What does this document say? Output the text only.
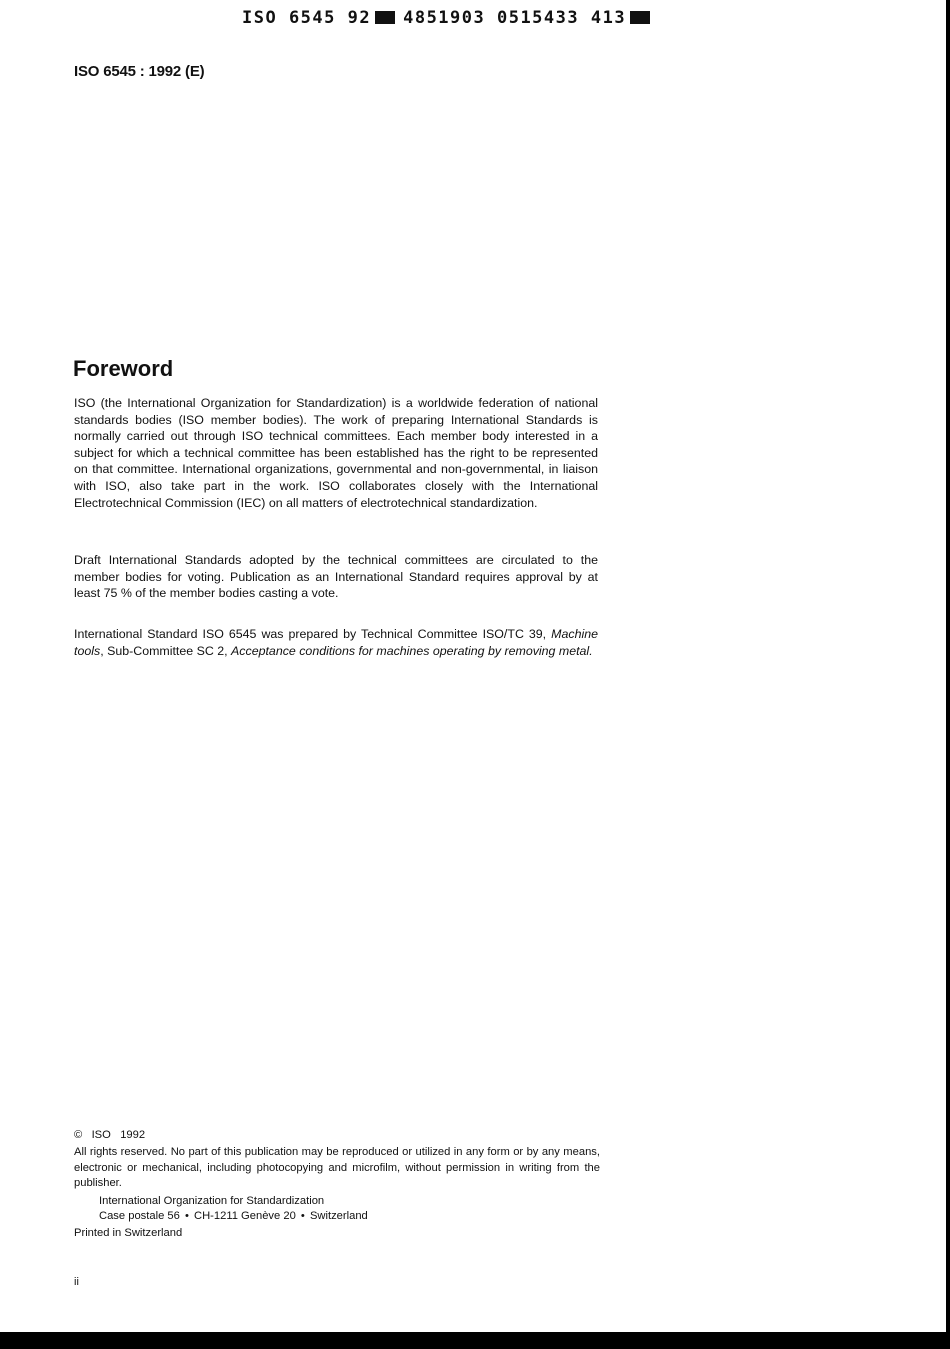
ISO 6545 92 4851903 0515433 413
ISO 6545 : 1992 (E)
Foreword

ISO (the International Organization for Standardization) is a worldwide federation of national standards bodies (ISO member bodies). The work of preparing International Standards is normally carried out through ISO technical committees. Each member body interested in a subject for which a technical committee has been established has the right to be represented on that committee. International organizations, governmental and non-governmental, in liaison with ISO, also take part in the work. ISO collaborates closely with the International Electrotechnical Commission (IEC) on all matters of electrotechnical standardization.

Draft International Standards adopted by the technical committees are circulated to the member bodies for voting. Publication as an International Standard requires approval by at least 75 % of the member bodies casting a vote.

International Standard ISO 6545 was prepared by Technical Committee ISO/TC 39, Machine tools, Sub-Committee SC 2, Acceptance conditions for machines operating by removing metal.

© ISO 1992

All rights reserved. No part of this publication may be reproduced or utilized in any form or by any means, electronic or mechanical, including photocopying and microfilm, without permission in writing from the publisher.

International Organization for Standardization

Case postale 56 • CH-1211 Genève 20 • Switzerland

Printed in Switzerland

ii
